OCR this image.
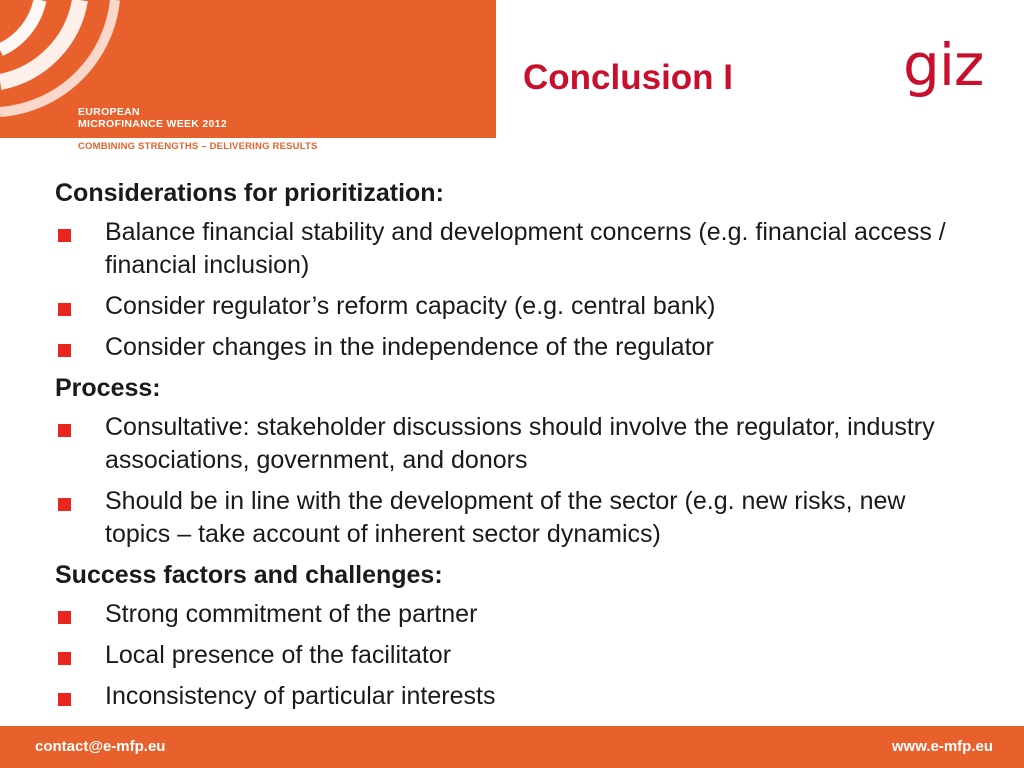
EUROPEAN
MICROFINANCE WEEK 2012
COMBINING STRENGTHS – DELIVERING RESULTS
Conclusion I	giz
Considerations for prioritization:
Balance financial stability and development concerns (e.g. financial access / financial inclusion)
Consider regulator’s reform capacity (e.g. central bank)
Consider changes in the independence of the regulator
Process:
Consultative: stakeholder discussions should involve the regulator, industry associations, government, and donors
Should be in line with the development of the sector (e.g. new risks, new topics – take account of inherent sector dynamics)
Success factors and challenges:
Strong commitment of the partner
Local presence of the facilitator
Inconsistency of particular interests
contact@e-mfp.eu	www.e-mfp.eu
